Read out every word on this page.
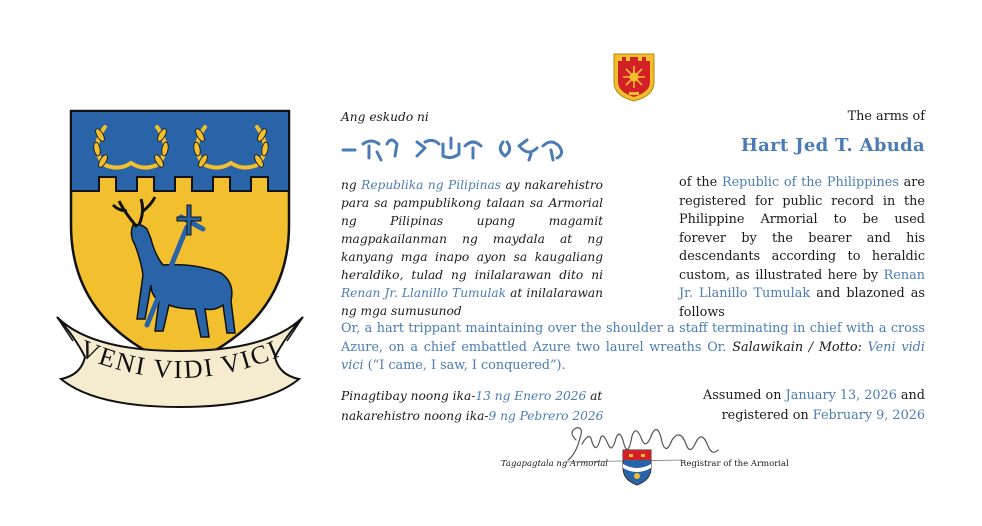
VENI VIDI VICI
Ang eskudo ni
ng Republika ng Pilipinas ay nakarehistro para sa pampublikong talaan sa Armorial ng Pilipinas upang magamit magpakailanman ng maydala at ng kanyang mga inapo ayon sa kaugaliang heraldiko, tulad ng inilalarawan dito ni Renan Jr. Llanillo Tumulak at inilalarawan ng mga sumusunod
The arms of
Hart Jed T. Abuda
of the Republic of the Philippines are registered for public record in the Philippine Armorial to be used forever by the bearer and his descendants according to heraldic custom, as illustrated here by Renan Jr. Llanillo Tumulak and blazoned as follows
Or, a hart trippant maintaining over the shoulder a staff terminating in chief with a cross Azure, on a chief embattled Azure two laurel wreaths Or. Salawikain / Motto: Veni vidi vici (“I came, I saw, I conquered”).
Pinagtibay noong ika-13 ng Enero 2026 at
nakarehistro noong ika-9 ng Pebrero 2026
Assumed on January 13, 2026 and
registered on February 9, 2026
Tagapagtala ng Armorial	Registrar of the Armorial
